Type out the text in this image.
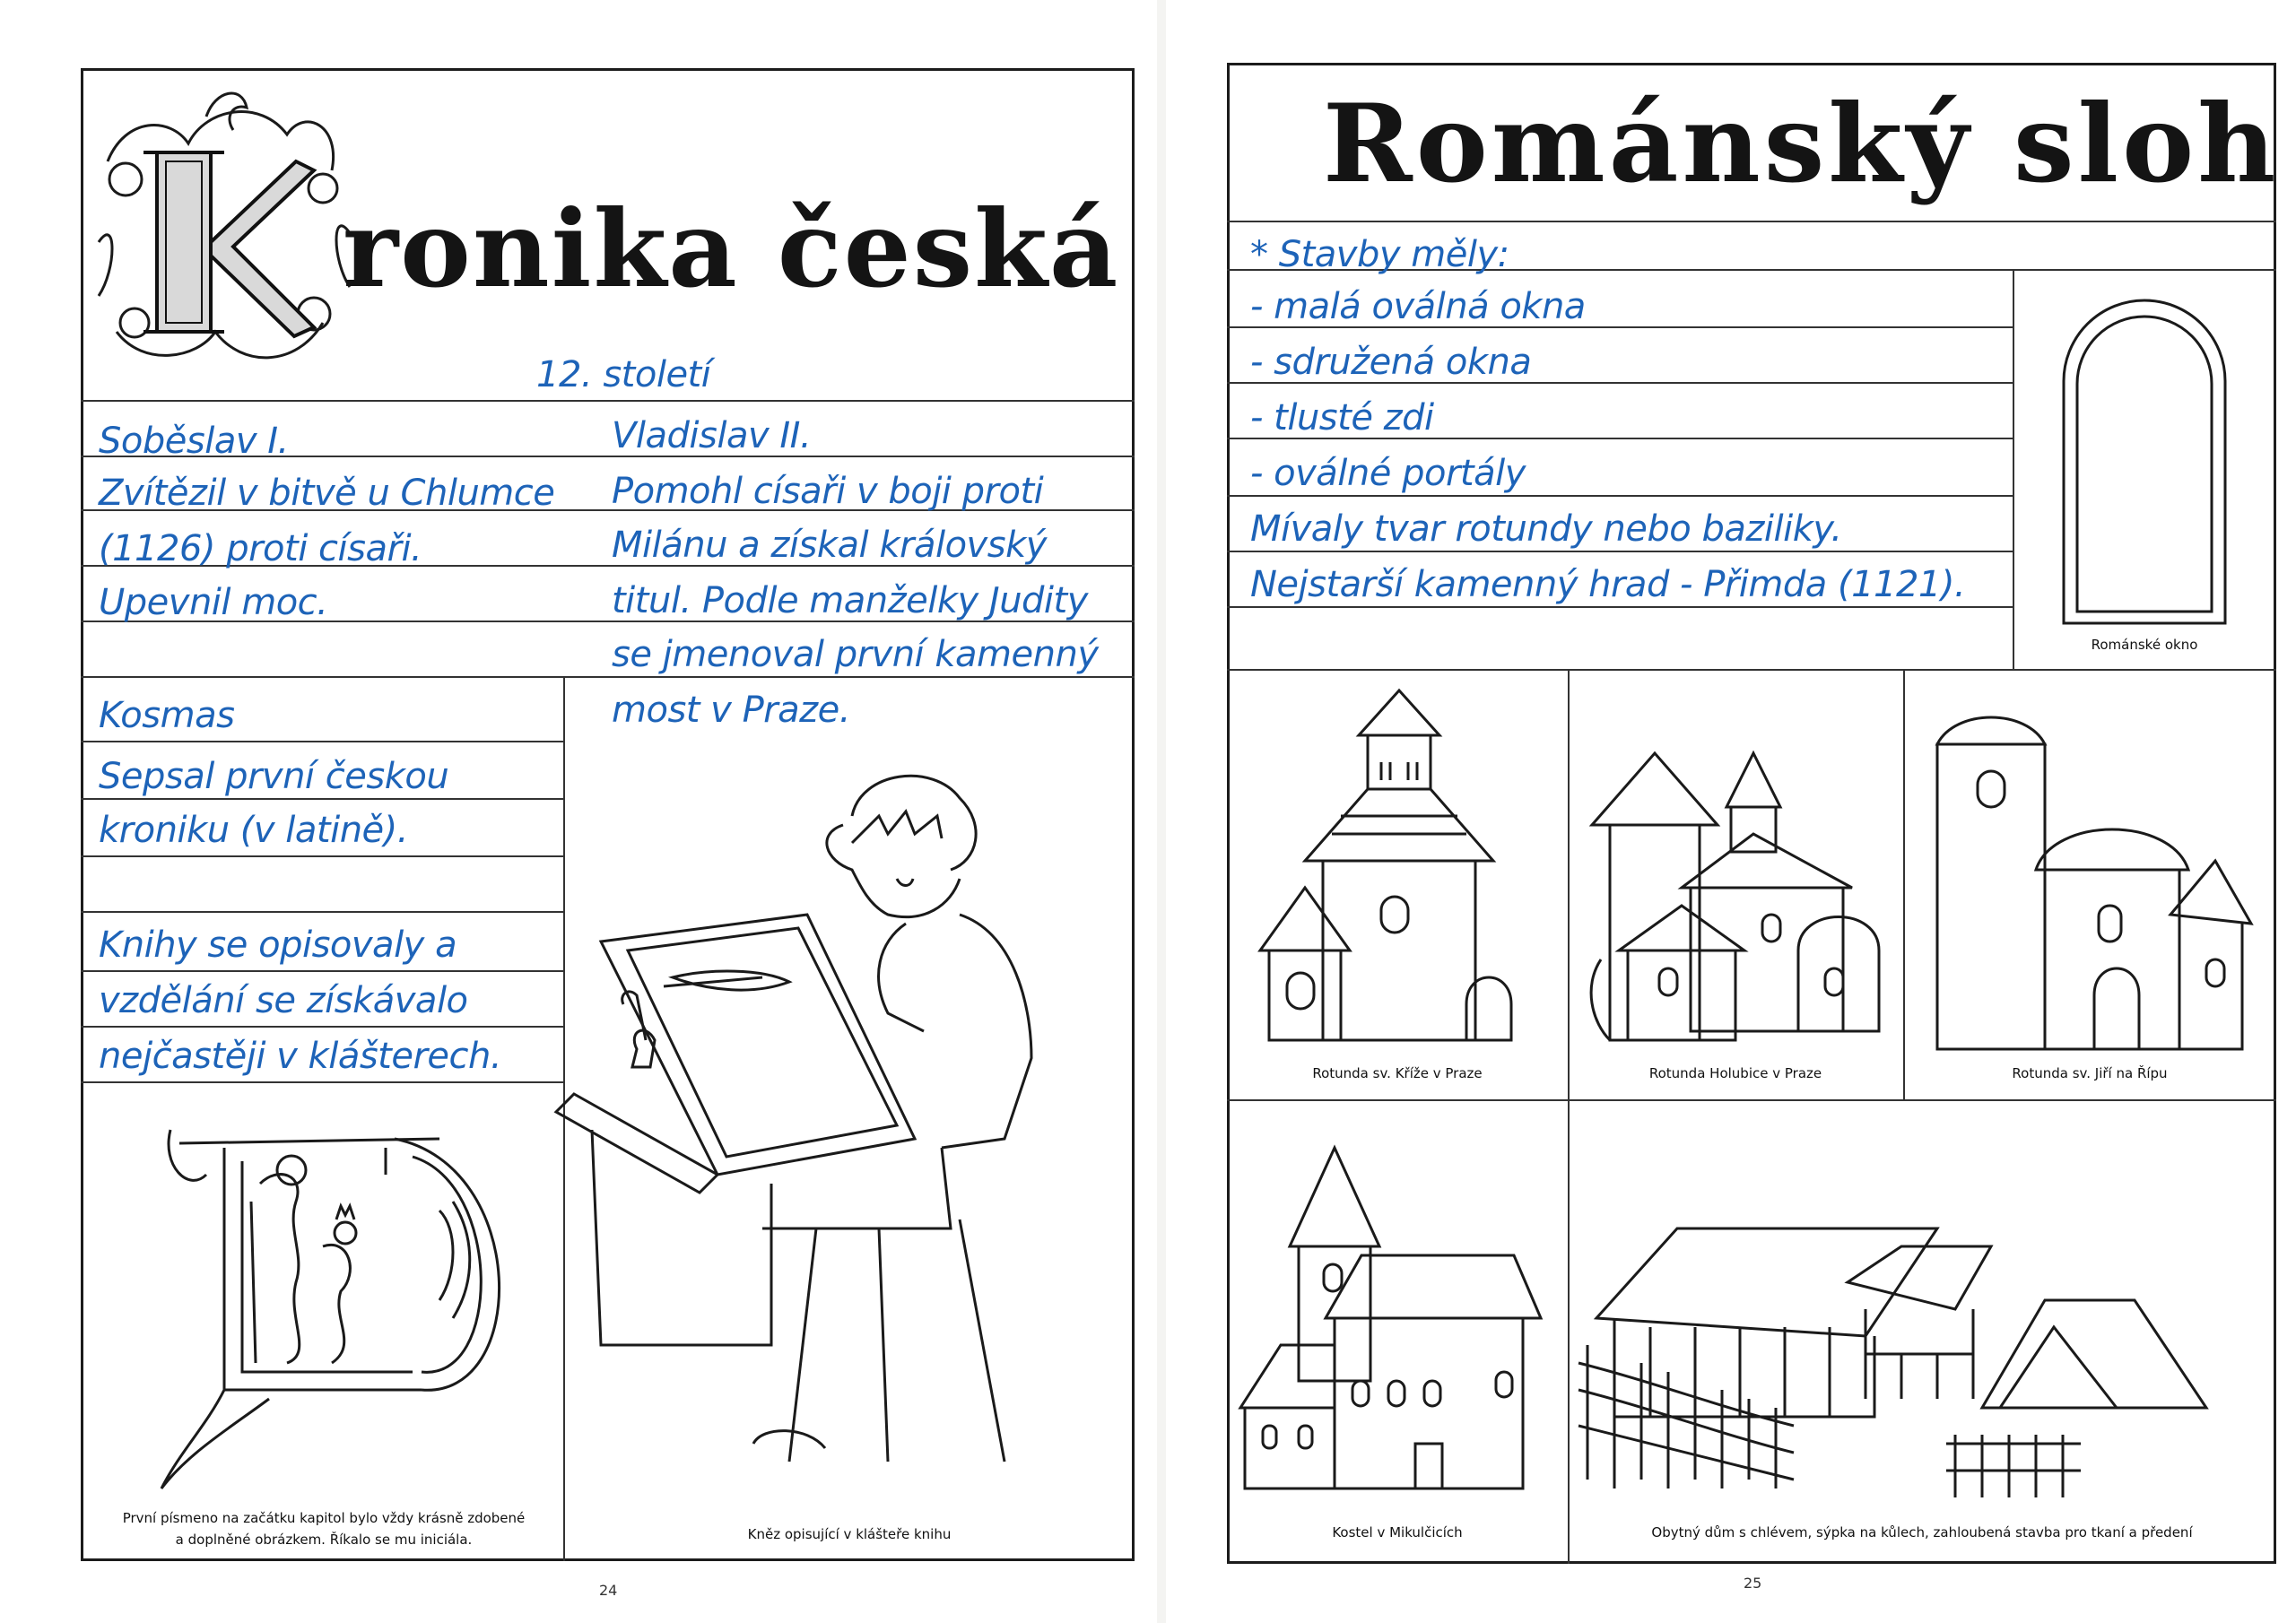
ronika česká
12. století
Soběslav I.
Zvítězil v bitvě u Chlumce
(1126) proti císaři.
Upevnil moc.
Vladislav II.
Pomohl císaři v boji proti
Milánu a získal královský
titul. Podle manželky Judity
se jmenoval první kamenný
most v Praze.
Kosmas
Sepsal první českou
kroniku (v latině).
Knihy se opisovaly a
vzdělání se získávalo
nejčastěji v klášterech.
První písmeno na začátku kapitol bylo vždy krásně zdobené
a doplněné obrázkem. Říkalo se mu iniciála.	Kněz opisující v klášteře knihu
24
Románský sloh
* Stavby měly:
- malá oválná okna
- sdružená okna
- tlusté zdi
- oválné portály
Mívaly tvar rotundy nebo baziliky.
Nejstarší kamenný hrad - Přimda (1121).
Románské okno
Rotunda sv. Kříže v Praze	Rotunda Holubice v Praze	Rotunda sv. Jiří na Řípu
Kostel v Mikulčicích	Obytný dům s chlévem, sýpka na kůlech, zahloubená stavba pro tkaní a předení
25
